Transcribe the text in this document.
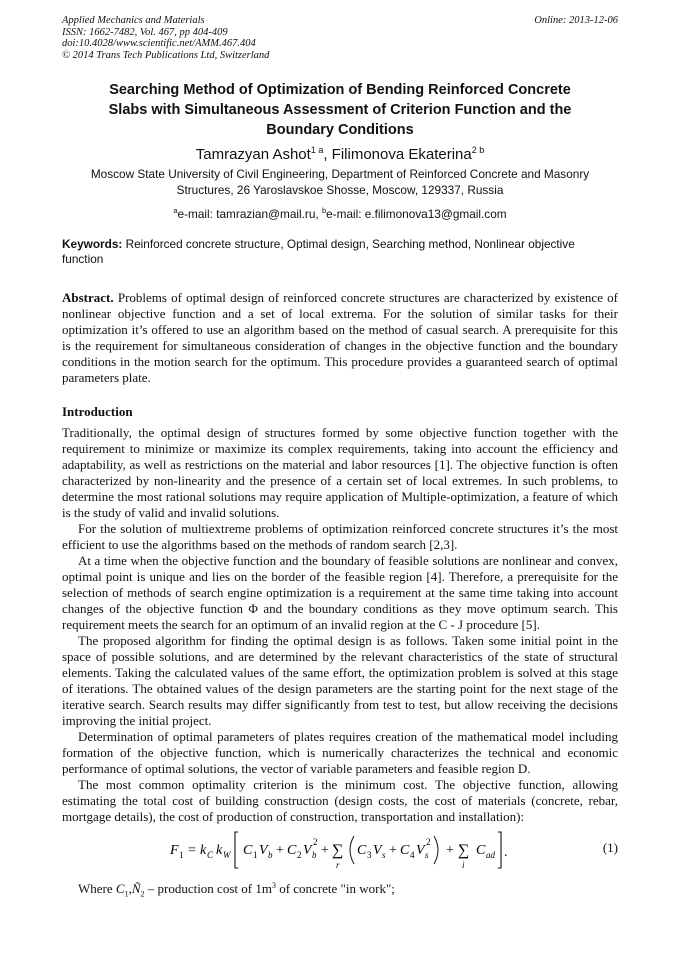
Applied Mechanics and Materials
ISSN: 1662-7482, Vol. 467, pp 404-409
doi:10.4028/www.scientific.net/AMM.467.404
© 2014 Trans Tech Publications Ltd, Switzerland
Online: 2013-12-06
Searching Method of Optimization of Bending Reinforced Concrete
Slabs with Simultaneous Assessment of Criterion Function and the
Boundary Conditions
Tamrazyan Ashot$^{1 a}$, Filimonova Ekaterina$^{2 b}$
Moscow State University of Civil Engineering, Department of Reinforced Concrete and Masonry
Structures, 26 Yaroslavskoe Shosse, Moscow, 129337, Russia
$^a$e-mail: tamrazian@mail.ru, $^b$e-mail: e.filimonova13@gmail.com
Keywords: Reinforced concrete structure, Optimal design, Searching method, Nonlinear objective function
Abstract. Problems of optimal design of reinforced concrete structures are characterized by existence of nonlinear objective function and a set of local extrema. For the solution of similar tasks for their optimization it’s offered to use an algorithm based on the method of casual search. A prerequisite for this is the requirement for simultaneous consideration of changes in the objective function and the boundary conditions in the motion search for the optimum. This procedure provides a guaranteed search of optimal parameters plate.
Introduction

Traditionally, the optimal design of structures formed by some objective function together with the requirement to minimize or maximize its complex requirements, taking into account the efficiency and adaptability, as well as restrictions on the material and labor resources [1]. The objective function is often characterized by non-linearity and the presence of a certain set of local extremes. In such problems, to determine the most rational solutions may require application of Multiple-optimization, a feature of which is the study of valid and invalid solutions.

For the solution of multiextreme problems of optimization reinforced concrete structures it’s the most efficient to use the algorithms based on the methods of random search [2,3].

At a time when the objective function and the boundary of feasible solutions are nonlinear and convex, optimal point is unique and lies on the border of the feasible region [4]. Therefore, a prerequisite for the selection of methods of search engine optimization is a requirement at the same time taking into account changes of the objective function Φ and the boundary conditions as they move optimum search. This requirement meets the search for an optimum of an invalid region at the C - J procedure [5].

The proposed algorithm for finding the optimal design is as follows. Taken some initial point in the space of possible solutions, and are determined by the relevant characteristics of the state of structural elements. Taking the calculated values of the same effort, the optimization problem is solved at this stage of iterations. The obtained values of the design parameters are the starting point for the next stage of the iterative search. Search results may differ significantly from test to test, but allow receiving the decisions improving the initial project.

Determination of optimal parameters of plates requires creation of the mathematical model including formation of the objective function, which is numerically characterizes the technical and economic performance of optimal solutions, the vector of variable parameters and feasible region D.

The most common optimality criterion is the minimum cost. The objective function, allowing estimating the total cost of building construction (design costs, the cost of materials (concrete, rebar, mortgage details), the cost of production of construction, transportation and installation):

F 1 = k C k W C 1 V b + C 2 V b
2
+ ∑
r
C 3 V s + C 4 V s
2
+ ∑
i
C ad .	(1)
Where $C_1,Ñ_2$ – production cost of $1m^3$ of concrete "in work";
